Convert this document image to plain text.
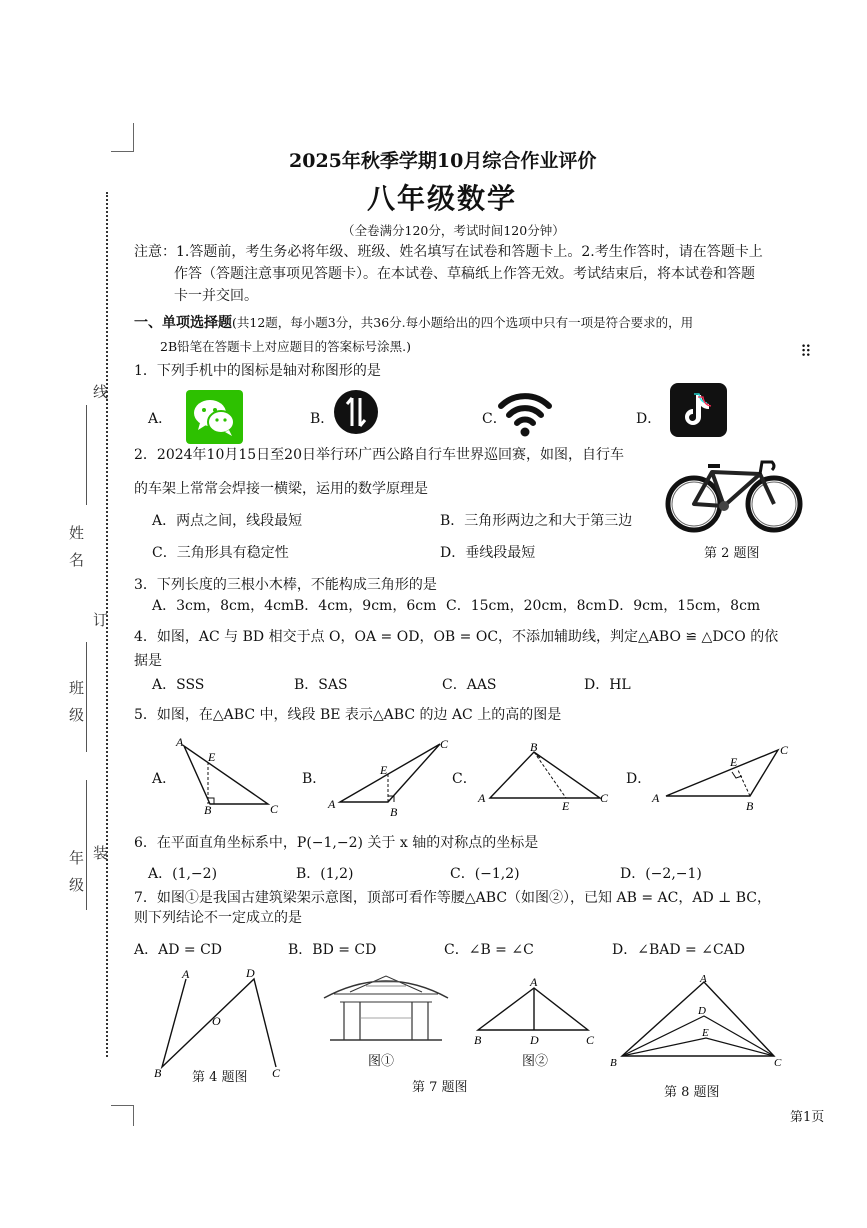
线
姓名
订
班级
装
年级
2025年秋季学期10月综合作业评价
八年级数学
（全卷满分120分，考试时间120分钟）
注意：1.答题前，考生务必将年级、班级、姓名填写在试卷和答题卡上。2.考生作答时，请在答题卡上
作答（答题注意事项见答题卡）。在本试卷、草稿纸上作答无效。考试结束后，将本试卷和答题
卡一并交回。
一、单项选择题(共12题，每小题3分，共36分.每小题给出的四个选项中只有一项是符合要求的，用
2B铅笔在答题卡上对应题目的答案标号涂黑.)	⠿
1．下列手机中的图标是轴对称图形的是
A．	B．	C．	D．
2．2024年10月15日至20日举行环广西公路自行车世界巡回赛，如图，自行车
的车架上常常会焊接一横梁，运用的数学原理是
A．两点之间，线段最短	B．三角形两边之和大于第三边
C．三角形具有稳定性	D．垂线段最短	第 2 题图
3．下列长度的三根小木棒，不能构成三角形的是
A．3cm，8cm，4cm B．4cm，9cm，6cm C．15cm，20cm，8cm D．9cm，15cm，8cm
4．如图，AC 与 BD 相交于点 O，OA = OD，OB = OC，不添加辅助线，判定△ABO ≌ △DCO 的依
据是
A．SSS	B．SAS	C．AAS	D．HL
5．如图，在△ABC 中，线段 BE 表示△ABC 的边 AC 上的高的图是
A．
A
E
B	C
B．
A
E
B
C
C．
B
A
E
C
D．
A
E
B
C
6．在平面直角坐标系中，P(−1,−2) 关于 x 轴的对称点的坐标是
A．(1,−2)	B．(1,2)	C．(−1,2)	D．(−2,−1)
7．如图①是我国古建筑梁架示意图，顶部可看作等腰△ABC（如图②），已知 AB = AC，AD ⊥ BC，
则下列结论不一定成立的是
A．AD = CD	B．BD = CD	C．∠B = ∠C	D．∠BAD = ∠CAD
A	D
O
B	C
第 4 题图
图①
A
B	D	C
图②
第 7 题图
A
D
E
B	C
第 8 题图
第1页
